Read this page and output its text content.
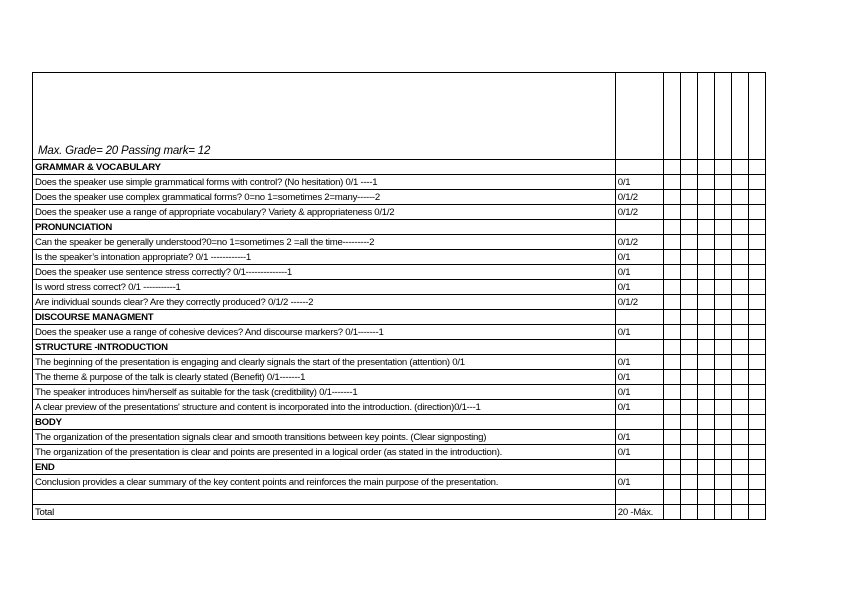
Max. Grade= 20 Passing mark= 12							
GRAMMAR & VOCABULARY							
Does the speaker use simple grammatical forms with control? (No hesitation) 0/1 ----1	0/1						
Does the speaker use complex grammatical forms? 0=no 1=sometimes 2=many------2	0/1/2						
Does the speaker use a range of appropriate vocabulary? Variety & appropriateness 0/1/2	0/1/2						
PRONUNCIATION							
Can the speaker be generally understood?0=no 1=sometimes 2 =all the time---------2	0/1/2						
Is the speaker’s intonation appropriate? 0/1 ------------1	0/1						
Does the speaker use sentence stress correctly? 0/1--------------1	0/1						
Is word stress correct? 0/1 -----------1	0/1						
Are individual sounds clear? Are they correctly produced? 0/1/2 ------2	0/1/2						
DISCOURSE MANAGMENT							
Does the speaker use a range of cohesive devices? And discourse markers? 0/1-------1	0/1						
STRUCTURE -INTRODUCTION							
The beginning of the presentation is engaging and clearly signals the start of the presentation (attention) 0/1	0/1						
The theme & purpose of the talk is clearly stated (Benefit) 0/1-------1	0/1						
The speaker introduces him/herself as suitable for the task (creditbility) 0/1-------1	0/1						
A clear preview of the presentations' structure and content is incorporated into the introduction. (direction)0/1---1	0/1						
BODY							
The organization of the presentation signals clear and smooth transitions between key points. (Clear signposting)	0/1						
The organization of the presentation is clear and points are presented in a logical order (as stated in the introduction).	0/1						
END							
Conclusion provides a clear summary of the key content points and reinforces the main purpose of the presentation.	0/1						

Total	20 -Máx.						
